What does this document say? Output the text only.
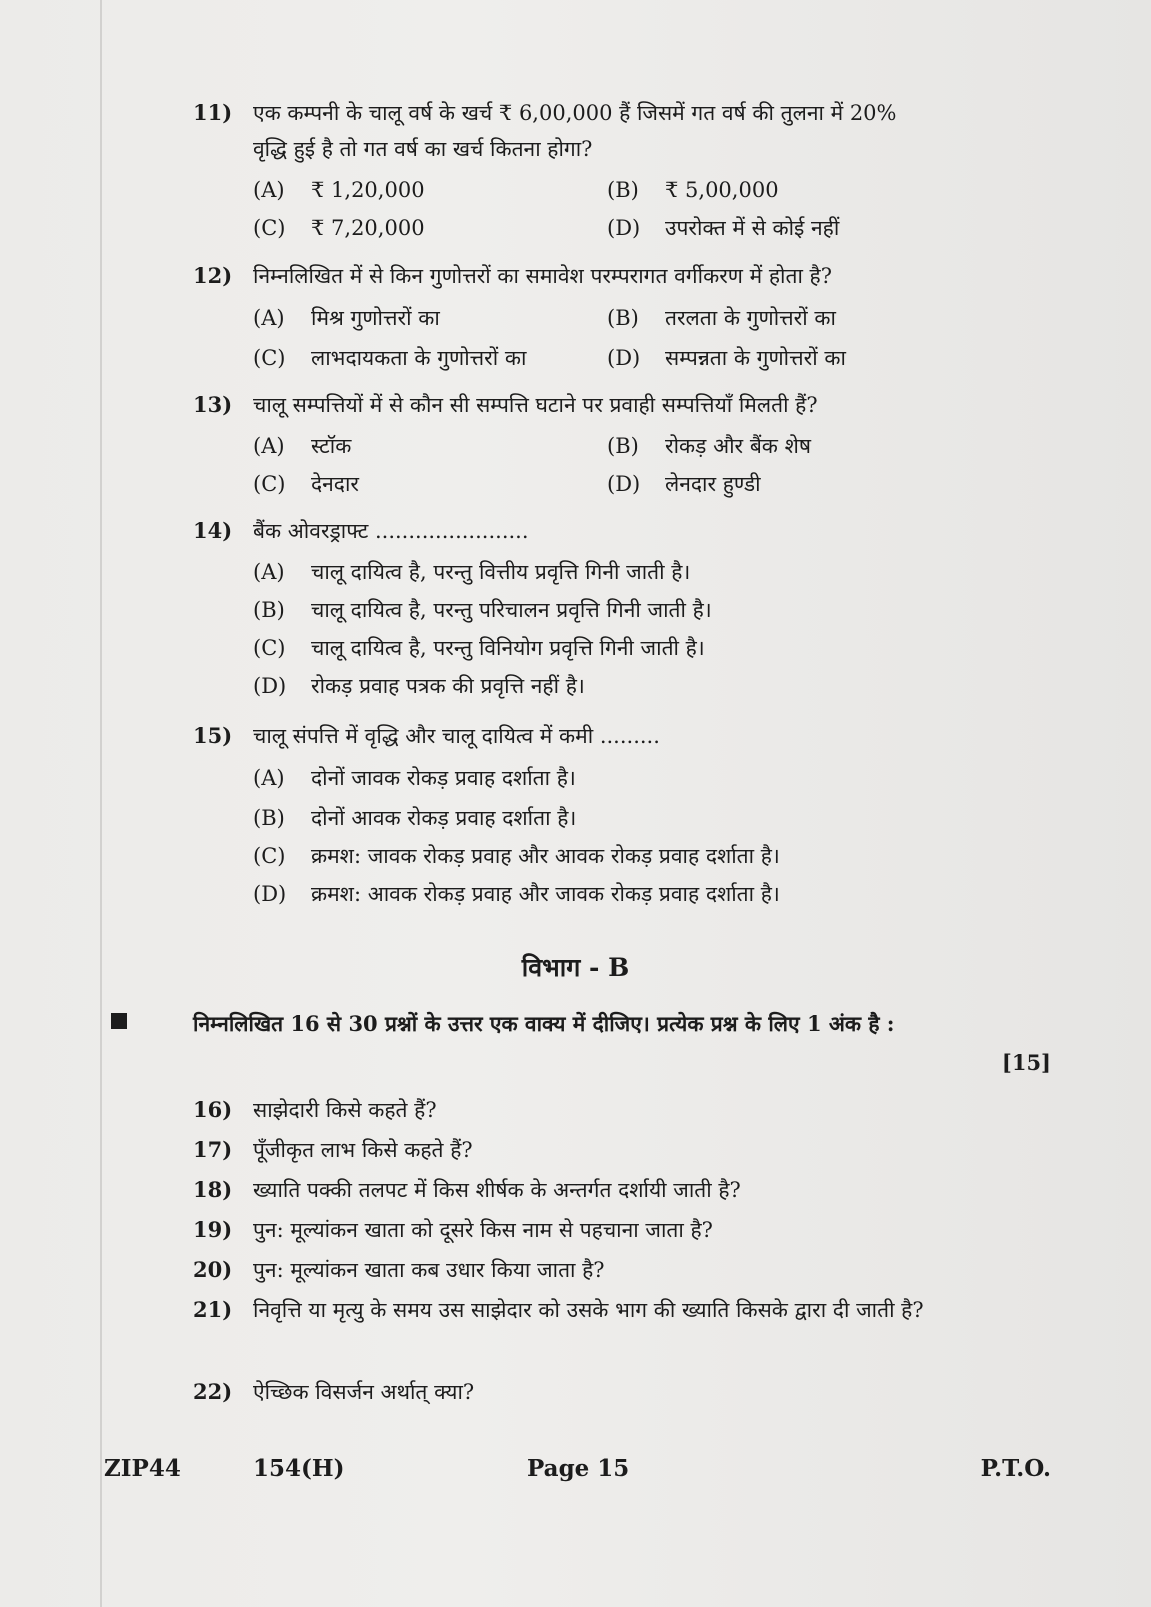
11) एक कम्पनी के चालू वर्ष के खर्च ₹ 6,00,000 हैं जिसमें गत वर्ष की तुलना में 20% वृद्धि हुई है तो गत वर्ष का खर्च कितना होगा?
(A) ₹ 1,20,000	(B) ₹ 5,00,000
(C) ₹ 7,20,000	(D) उपरोक्त में से कोई नहीं
12) निम्नलिखित में से किन गुणोत्तरों का समावेश परम्परागत वर्गीकरण में होता है?
(A) मिश्र गुणोत्तरों का	(B) तरलता के गुणोत्तरों का
(C) लाभदायकता के गुणोत्तरों का	(D) सम्पन्नता के गुणोत्तरों का
13) चालू सम्पत्तियों में से कौन सी सम्पत्ति घटाने पर प्रवाही सम्पत्तियाँ मिलती हैं?
(A) स्टॉक	(B) रोकड़ और बैंक शेष
(C) देनदार	(D) लेनदार हुण्डी
14) बैंक ओवरड्राफ्ट .......................
(A) चालू दायित्व है, परन्तु वित्तीय प्रवृत्ति गिनी जाती है।
(B) चालू दायित्व है, परन्तु परिचालन प्रवृत्ति गिनी जाती है।
(C) चालू दायित्व है, परन्तु विनियोग प्रवृत्ति गिनी जाती है।
(D) रोकड़ प्रवाह पत्रक की प्रवृत्ति नहीं है।
15) चालू संपत्ति में वृद्धि और चालू दायित्व में कमी .........
(A) दोनों जावक रोकड़ प्रवाह दर्शाता है।
(B) दोनों आवक रोकड़ प्रवाह दर्शाता है।
(C) क्रमश: जावक रोकड़ प्रवाह और आवक रोकड़ प्रवाह दर्शाता है।
(D) क्रमश: आवक रोकड़ प्रवाह और जावक रोकड़ प्रवाह दर्शाता है।
विभाग - B
निम्नलिखित 16 से 30 प्रश्नों के उत्तर एक वाक्य में दीजिए। प्रत्येक प्रश्न के लिए 1 अंक है :
[15]
16) साझेदारी किसे कहते हैं?
17) पूँजीकृत लाभ किसे कहते हैं?
18) ख्याति पक्की तलपट में किस शीर्षक के अन्तर्गत दर्शायी जाती है?
19) पुन: मूल्यांकन खाता को दूसरे किस नाम से पहचाना जाता है?
20) पुन: मूल्यांकन खाता कब उधार किया जाता है?
21) निवृत्ति या मृत्यु के समय उस साझेदार को उसके भाग की ख्याति किसके द्वारा दी जाती है?
22) ऐच्छिक विसर्जन अर्थात् क्या?
ZIP44	154(H)	Page 15	P.T.O.
